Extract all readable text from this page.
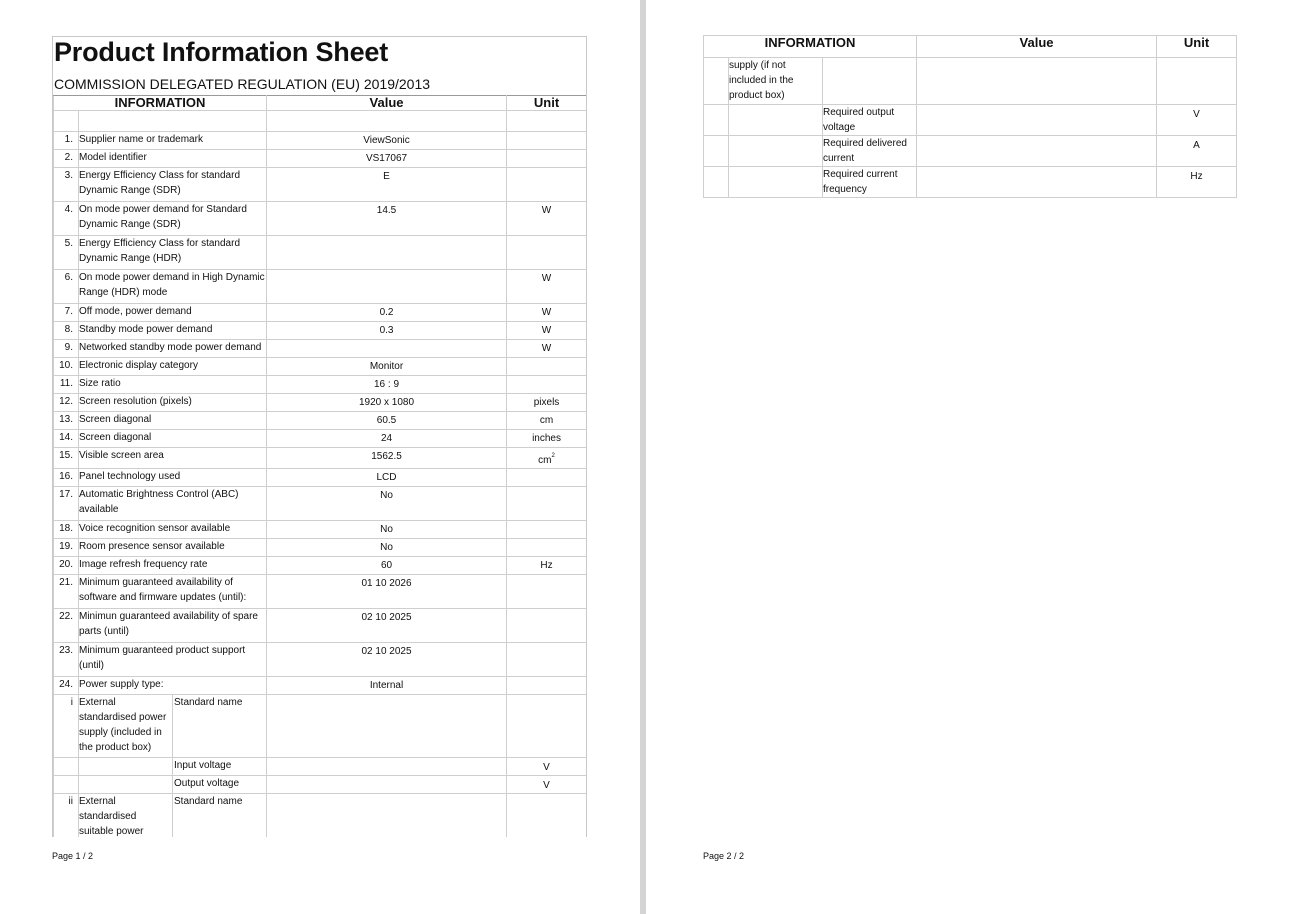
Product Information Sheet
COMMISSION DELEGATED REGULATION (EU) 2019/2013
INFORMATION			Value	Unit

1.	Supplier name or trademark		ViewSonic	
2.	Model identifier		VS17067	
3.	Energy Efficiency Class for standard Dynamic Range (SDR)		E	
4.	On mode power demand for Standard Dynamic Range (SDR)		14.5	W
5.	Energy Efficiency Class for standard Dynamic Range (HDR)			
6.	On mode power demand in High Dynamic Range (HDR) mode			W
7.	Off mode, power demand		0.2	W
8.	Standby mode power demand		0.3	W
9.	Networked standby mode power demand			W
10.	Electronic display category		Monitor	
11.	Size ratio		16 : 9	
12.	Screen resolution (pixels)		1920 x 1080	pixels
13.	Screen diagonal		60.5	cm
14.	Screen diagonal		24	inches
15.	Visible screen area		1562.5	$cm^2$
16.	Panel technology used		LCD	
17.	Automatic Brightness Control (ABC) available		No	
18.	Voice recognition sensor available		No	
19.	Room presence sensor available		No	
20.	Image refresh frequency rate		60	Hz
21.	Minimum guaranteed availability of software and firmware updates (until):		01 10 2026	
22.	Minimun guaranteed availability of spare parts (until)		02 10 2025	
23.	Minimum guaranteed product support (until)		02 10 2025	
24.	Power supply type:		Internal	
i	External standardised power supply (included in the product box)	Standard name		
		Input voltage		V
		Output voltage		V
ii	External standardised suitable power	Standard name		
Page 1 / 2
INFORMATION			Value	Unit
	supply (if not included in the product box)			
		Required output voltage		V
		Required delivered current		A
		Required current frequency		Hz
Page 2 / 2
